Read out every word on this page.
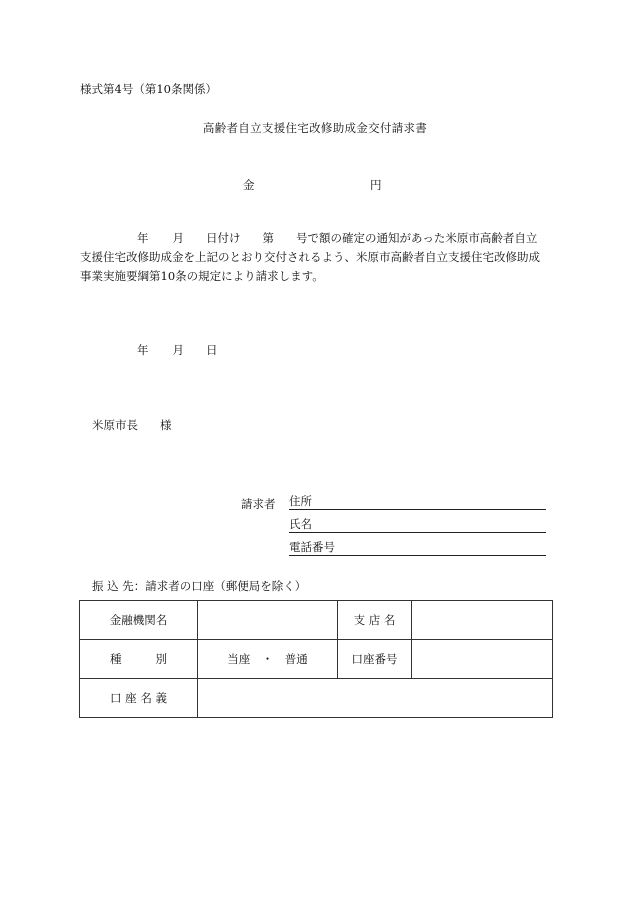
様式第4号（第10条関係）
高齢者自立支援住宅改修助成金交付請求書
金	円
年 月 日付け 第 号で額の確定の通知があった米原市高齢者自立
支援住宅改修助成金を上記のとおり交付されるよう、米原市高齢者自立支援住宅改修助成
事業実施要綱第10条の規定により請求します。
年 月 日
米原市長 様
請求者 住所
氏名
電話番号
振 込 先：請求者の口座（郵便局を除く）
金融機関名		支 店 名	
種 別	当座　・　普通	口座番号	
口 座 名 義			
